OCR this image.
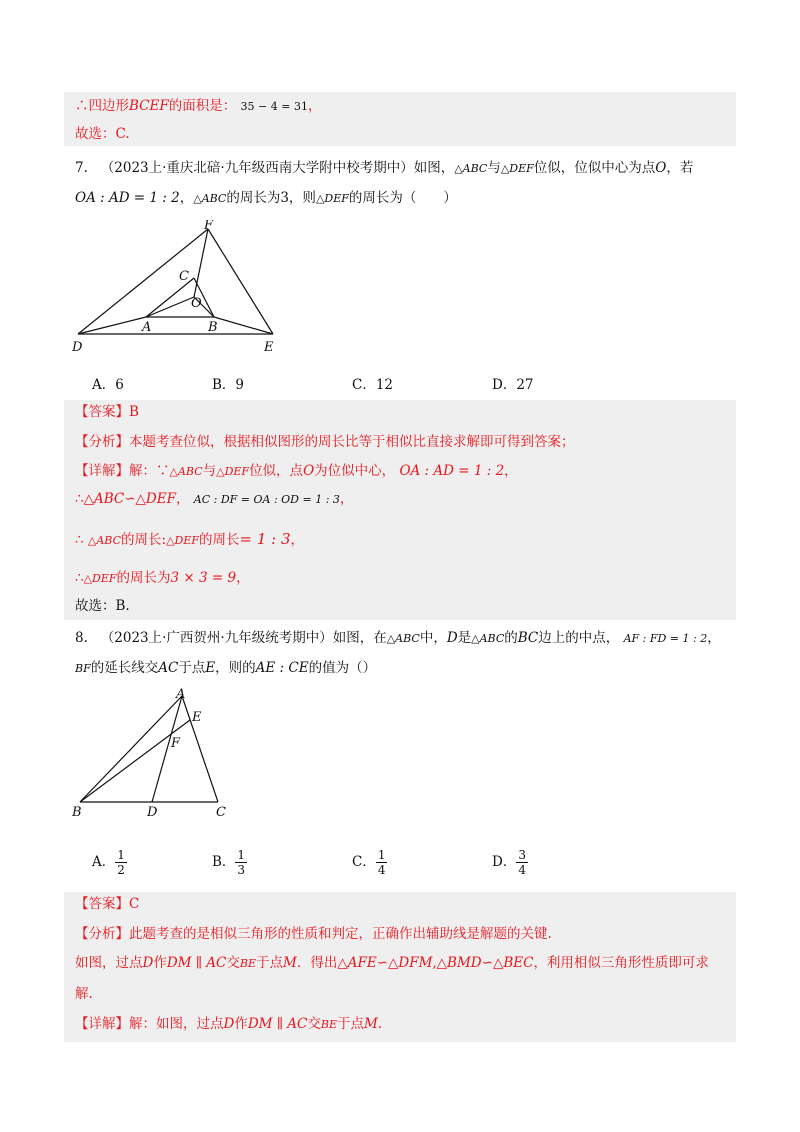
∴四边形BCEF的面积是： 35 − 4 = 31，
故选：C.
7. （2023上·重庆北碚·九年级西南大学附中校考期中）如图，△ABC与△DEF位似，位似中心为点O，若
OA : AD = 1 : 2，△ABC的周长为3，则△DEF的周长为（　　）
F
C
O
A	B
D	E
A．6	B．9	C．12	D．27
【答案】B
【分析】本题考查位似，根据相似图形的周长比等于相似比直接求解即可得到答案；
【详解】解：∵△ABC与△DEF位似，点O为位似中心， OA : AD = 1 : 2，
∴△ABC∽△DEF， AC : DF = OA : OD = 1 : 3，
∴ △ABC的周长:△DEF的周长= 1 : 3，
∴△DEF的周长为3 × 3 = 9，
故选：B.
8. （2023上·广西贺州·九年级统考期中）如图，在△ABC中，D是△ABC的BC边上的中点， AF : FD = 1 : 2，
BF的延长线交AC于点E，则的AE : CE的值为（）
A
E
F
B	D	C
A． $\frac{1}{2}$	B． $\frac{1}{3}$	C． $\frac{1}{4}$	D． $\frac{3}{4}$
【答案】C
【分析】此题考查的是相似三角形的性质和判定，正确作出辅助线是解题的关键.
如图，过点D作DM ∥ AC交BE于点M．得出△AFE∽△DFM,△BMD∽△BEC，利用相似三角形性质即可求
解.
【详解】解：如图，过点D作DM ∥ AC交BE于点M．
